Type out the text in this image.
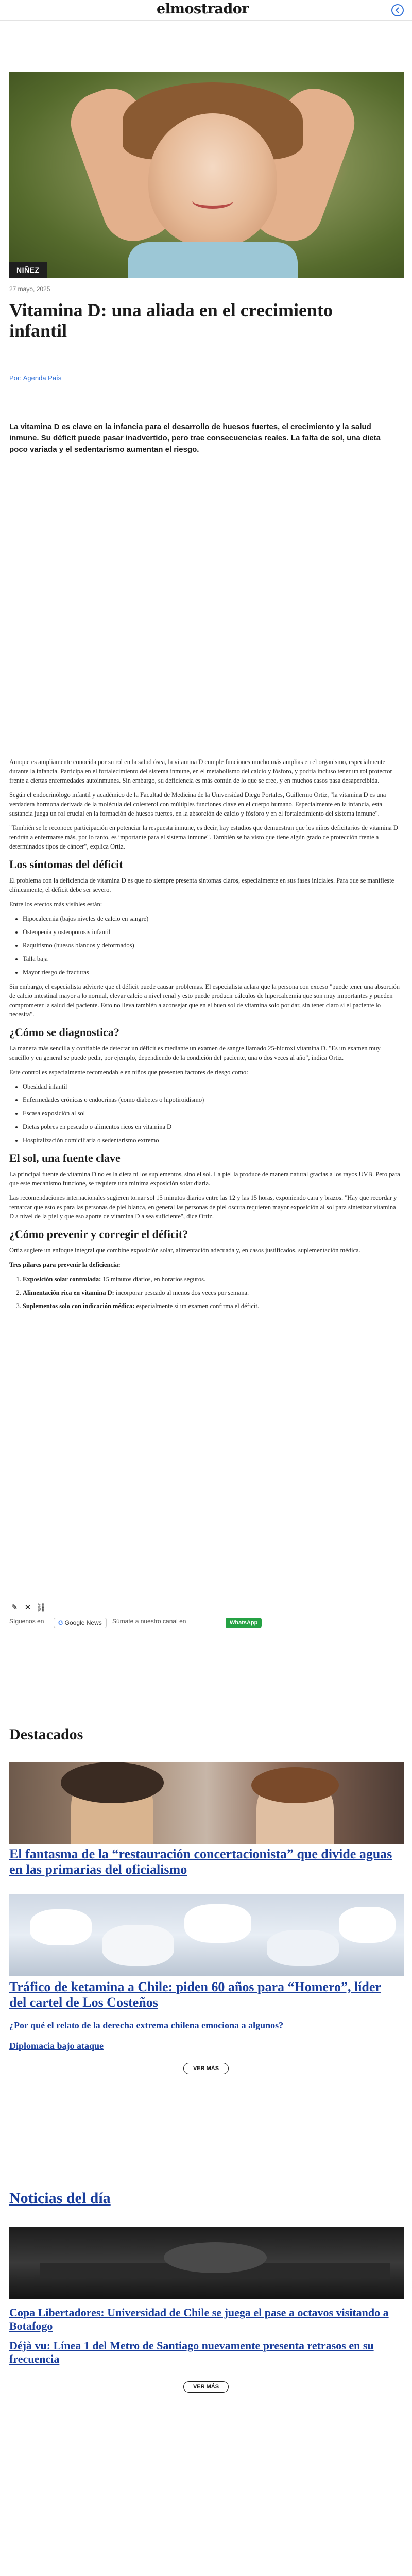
elmostrador
NIÑEZ
27 mayo, 2025
Vitamina D: una aliada en el crecimiento infantil
Por: Agenda País

La vitamina D es clave en la infancia para el desarrollo de huesos fuertes, el crecimiento y la salud inmune. Su déficit puede pasar inadvertido, pero trae consecuencias reales. La falta de sol, una dieta poco variada y el sedentarismo aumentan el riesgo.

Aunque es ampliamente conocida por su rol en la salud ósea, la vitamina D cumple funciones mucho más amplias en el organismo, especialmente durante la infancia. Participa en el fortalecimiento del sistema inmune, en el metabolismo del calcio y fósforo, y podría incluso tener un rol protector frente a ciertas enfermedades autoinmunes. Sin embargo, su deficiencia es más común de lo que se cree, y en muchos casos pasa desapercibida.

Según el endocrinólogo infantil y académico de la Facultad de Medicina de la Universidad Diego Portales, Guillermo Ortiz, "la vitamina D es una verdadera hormona derivada de la molécula del colesterol con múltiples funciones clave en el cuerpo humano. Especialmente en la infancia, esta sustancia juega un rol crucial en la formación de huesos fuertes, en la absorción de calcio y fósforo y en el fortalecimiento del sistema inmune".

"También se le reconoce participación en potenciar la respuesta inmune, es decir, hay estudios que demuestran que los niños deficitarios de vitamina D tendrán a enfermarse más, por lo tanto, es importante para el sistema inmune". También se ha visto que tiene algún grado de protección frente a determinados tipos de cáncer", explica Ortiz.

Los síntomas del déficit

El problema con la deficiencia de vitamina D es que no siempre presenta síntomas claros, especialmente en sus fases iniciales. Para que se manifieste clínicamente, el déficit debe ser severo.

Entre los efectos más visibles están:

• Hipocalcemia (bajos niveles de calcio en sangre)
• Osteopenia y osteoporosis infantil
• Raquitismo (huesos blandos y deformados)
• Talla baja
• Mayor riesgo de fracturas

Sin embargo, el especialista advierte que el déficit puede causar problemas. El especialista aclara que la persona con exceso "puede tener una absorción de calcio intestinal mayor a lo normal, elevar calcio a nivel renal y esto puede producir cálculos de hipercalcemia que son muy importantes y pueden comprometer la salud del paciente. Esto no lleva también a aconsejar que en el buen sol de vitamina solo por dar, sin tener claro si el paciente lo necesita".

¿Cómo se diagnostica?

La manera más sencilla y confiable de detectar un déficit es mediante un examen de sangre llamado 25-hidroxi vitamina D. "Es un examen muy sencillo y en general se puede pedir, por ejemplo, dependiendo de la condición del paciente, una o dos veces al año", indica Ortiz.

Este control es especialmente recomendable en niños que presenten factores de riesgo como:

• Obesidad infantil
• Enfermedades crónicas o endocrinas (como diabetes o hipotiroidismo)
• Escasa exposición al sol
• Dietas pobres en pescado o alimentos ricos en vitamina D
• Hospitalización domiciliaria o sedentarismo extremo
El sol, una fuente clave

La principal fuente de vitamina D no es la dieta ni los suplementos, sino el sol. La piel la produce de manera natural gracias a los rayos UVB. Pero para que este mecanismo funcione, se requiere una mínima exposición solar diaria.

Las recomendaciones internacionales sugieren tomar sol 15 minutos diarios entre las 12 y las 15 horas, exponiendo cara y brazos. "Hay que recordar y remarcar que esto es para las personas de piel blanca, en general las personas de piel oscura requieren mayor exposición al sol para sintetizar vitamina D a nivel de la piel y que eso aporte de vitamina D a sea suficiente", dice Ortiz.

¿Cómo prevenir y corregir el déficit?

Ortiz sugiere un enfoque integral que combine exposición solar, alimentación adecuada y, en casos justificados, suplementación médica.

Tres pilares para prevenir la deficiencia:

1. Exposición solar controlada: 15 minutos diarios, en horarios seguros.
2. Alimentación rica en vitamina D: incorporar pescado al menos dos veces por semana.
3. Suplementos solo con indicación médica: especialmente si un examen confirma el déficit.
✎ ✕ ⛓
Síguenos en	G Google News	Súmate a nuestro canal en	WhatsApp
Destacados
El fantasma de la “restauración concertacionista” que divide aguas en las primarias del oficialismo
Tráfico de ketamina a Chile: piden 60 años para “Homero”, líder del cartel de Los Costeños
¿Por qué el relato de la derecha extrema chilena emociona a algunos?
Diplomacia bajo ataque
VER MÁS
Noticias del día
Copa Libertadores: Universidad de Chile se juega el pase a octavos visitando a Botafogo
Déjà vu: Línea 1 del Metro de Santiago nuevamente presenta retrasos en su frecuencia
VER MÁS
